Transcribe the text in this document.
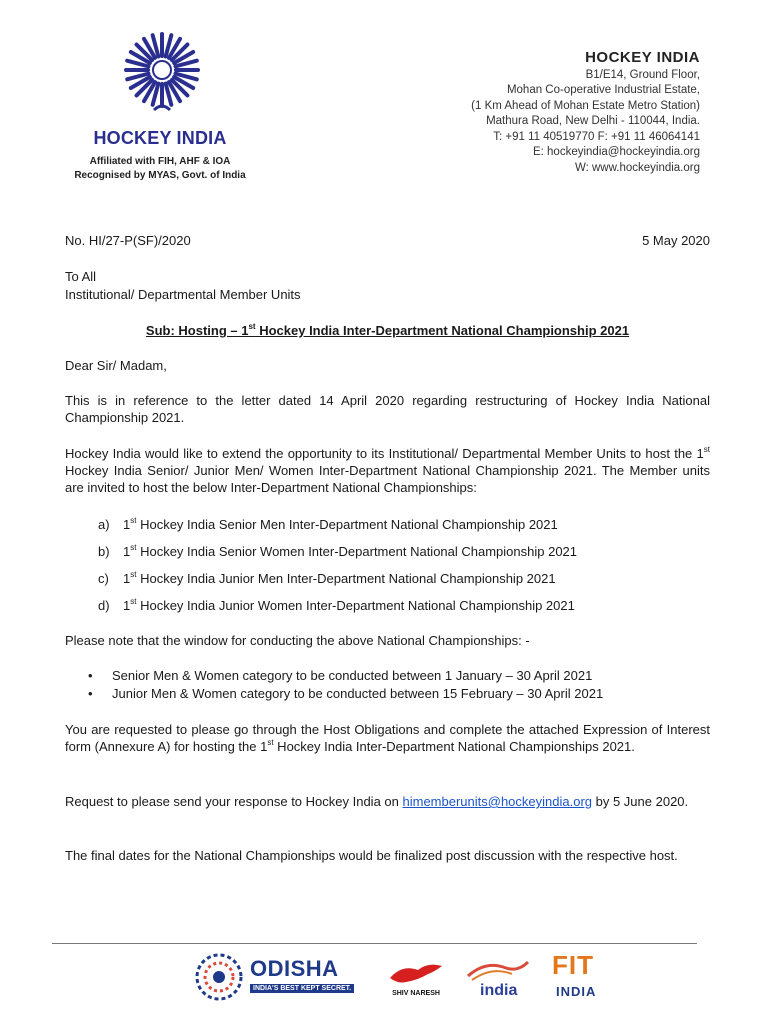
HOCKEY INDIA
Affiliated with FIH, AHF & IOA
Recognised by MYAS, Govt. of India
HOCKEY INDIA
B1/E14, Ground Floor,
Mohan Co-operative Industrial Estate,
(1 Km Ahead of Mohan Estate Metro Station)
Mathura Road, New Delhi - 110044, India.
T: +91 11 40519770 F: +91 11 46064141
E: hockeyindia@hockeyindia.org
W: www.hockeyindia.org
No. HI/27-P(SF)/2020	5 May 2020
To All
Institutional/ Departmental Member Units
Sub: Hosting – 1st Hockey India Inter-Department National Championship 2021
Dear Sir/ Madam,
This is in reference to the letter dated 14 April 2020 regarding restructuring of Hockey India National Championship 2021.
Hockey India would like to extend the opportunity to its Institutional/ Departmental Member Units to host the 1st Hockey India Senior/ Junior Men/ Women Inter-Department National Championship 2021. The Member units are invited to host the below Inter-Department National Championships:
a) 1st Hockey India Senior Men Inter-Department National Championship 2021
b) 1st Hockey India Senior Women Inter-Department National Championship 2021
c) 1st Hockey India Junior Men Inter-Department National Championship 2021
d) 1st Hockey India Junior Women Inter-Department National Championship 2021
Please note that the window for conducting the above National Championships: -
• Senior Men & Women category to be conducted between 1 January – 30 April 2021
• Junior Men & Women category to be conducted between 15 February – 30 April 2021
You are requested to please go through the Host Obligations and complete the attached Expression of Interest form (Annexure A) for hosting the 1st Hockey India Inter-Department National Championships 2021.
Request to please send your response to Hockey India on himemberunits@hockeyindia.org by 5 June 2020.
The final dates for the National Championships would be finalized post discussion with the respective host.
ODISHA
INDIA'S BEST KEPT SECRET.
SHIV NARESH	india
FIT
INDIA
